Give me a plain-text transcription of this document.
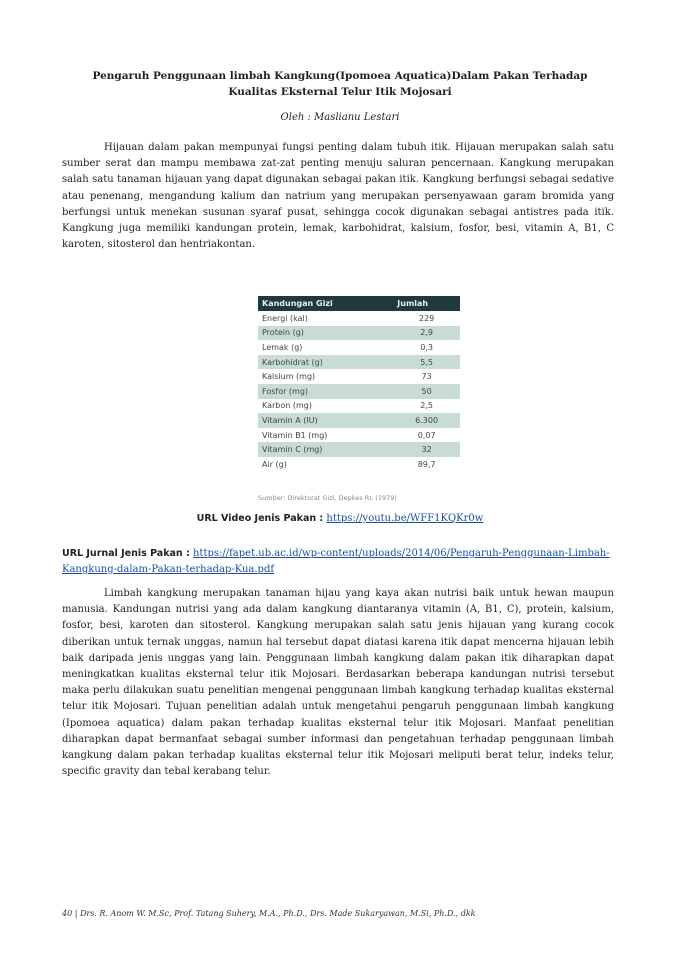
Pengaruh Penggunaan limbah Kangkung(Ipomoea Aquatica)Dalam Pakan Terhadap
Kualitas Eksternal Telur Itik Mojosari
Oleh : Maslianu Lestari

Hijauan dalam pakan mempunyai fungsi penting dalam tubuh itik. Hijauan merupakan salah satu sumber serat dan mampu membawa zat-zat penting menuju saluran pencernaan. Kangkung merupakan salah satu tanaman hijauan yang dapat digunakan sebagai pakan itik. Kangkung berfungsi sebagai sedative atau penenang, mengandung kalium dan natrium yang merupakan persenyawaan garam bromida yang berfungsi untuk menekan susunan syaraf pusat, sehingga cocok digunakan sebagai antistres pada itik. Kangkung juga memiliki kandungan protein, lemak, karbohidrat, kalsium, fosfor, besi, vitamin A, B1, C karoten, sitosterol dan hentriakontan.

Kandungan Gizi	Jumlah
Energi (kal)	229
Protein (g)	2,9
Lemak (g)	0,3
Karbohidrat (g)	5,5
Kalsium (mg)	73
Fosfor (mg)	50
Karbon (mg)	2,5
Vitamin A (IU)	6.300
Vitamin B1 (mg)	0,07
Vitamin C (mg)	32
Air (g)	89,7
Sumber: Direktorat Gizi, Depkes RI, (1979)
URL Video Jenis Pakan : https://youtu.be/WFF1KQKr0w
URL Jurnal Jenis Pakan : https://fapet.ub.ac.id/wp-content/uploads/2014/06/Pengaruh-Penggunaan-Limbah-Kangkung-dalam-Pakan-terhadap-Kua.pdf

Limbah kangkung merupakan tanaman hijau yang kaya akan nutrisi baik untuk hewan maupun manusia. Kandungan nutrisi yang ada dalam kangkung diantaranya vitamin (A, B1, C), protein, kalsium, fosfor, besi, karoten dan sitosterol. Kangkung merupakan salah satu jenis hijauan yang kurang cocok diberikan untuk ternak unggas, namun hal tersebut dapat diatasi karena itik dapat mencerna hijauan lebih baik daripada jenis unggas yang lain. Penggunaan limbah kangkung dalam pakan itik diharapkan dapat meningkatkan kualitas eksternal telur itik Mojosari. Berdasarkan beberapa kandungan nutrisi tersebut maka perlu dilakukan suatu penelitian mengenai penggunaan limbah kangkung terhadap kualitas eksternal telur itik Mojosari. Tujuan penelitian adalah untuk mengetahui pengaruh penggunaan limbah kangkung (Ipomoea aquatica) dalam pakan terhadap kualitas eksternal telur itik Mojosari. Manfaat penelitian diharapkan dapat bermanfaat sebagai sumber informasi dan pengetahuan terhadap penggunaan limbah kangkung dalam pakan terhadap kualitas eksternal telur itik Mojosari meliputi berat telur, indeks telur, specific gravity dan tebal kerabang telur.

40 | Drs. R. Anom W. M.Sc, Prof. Tatang Suhery, M.A., Ph.D., Drs. Made Sukaryawan, M.Si, Ph.D., dkk
